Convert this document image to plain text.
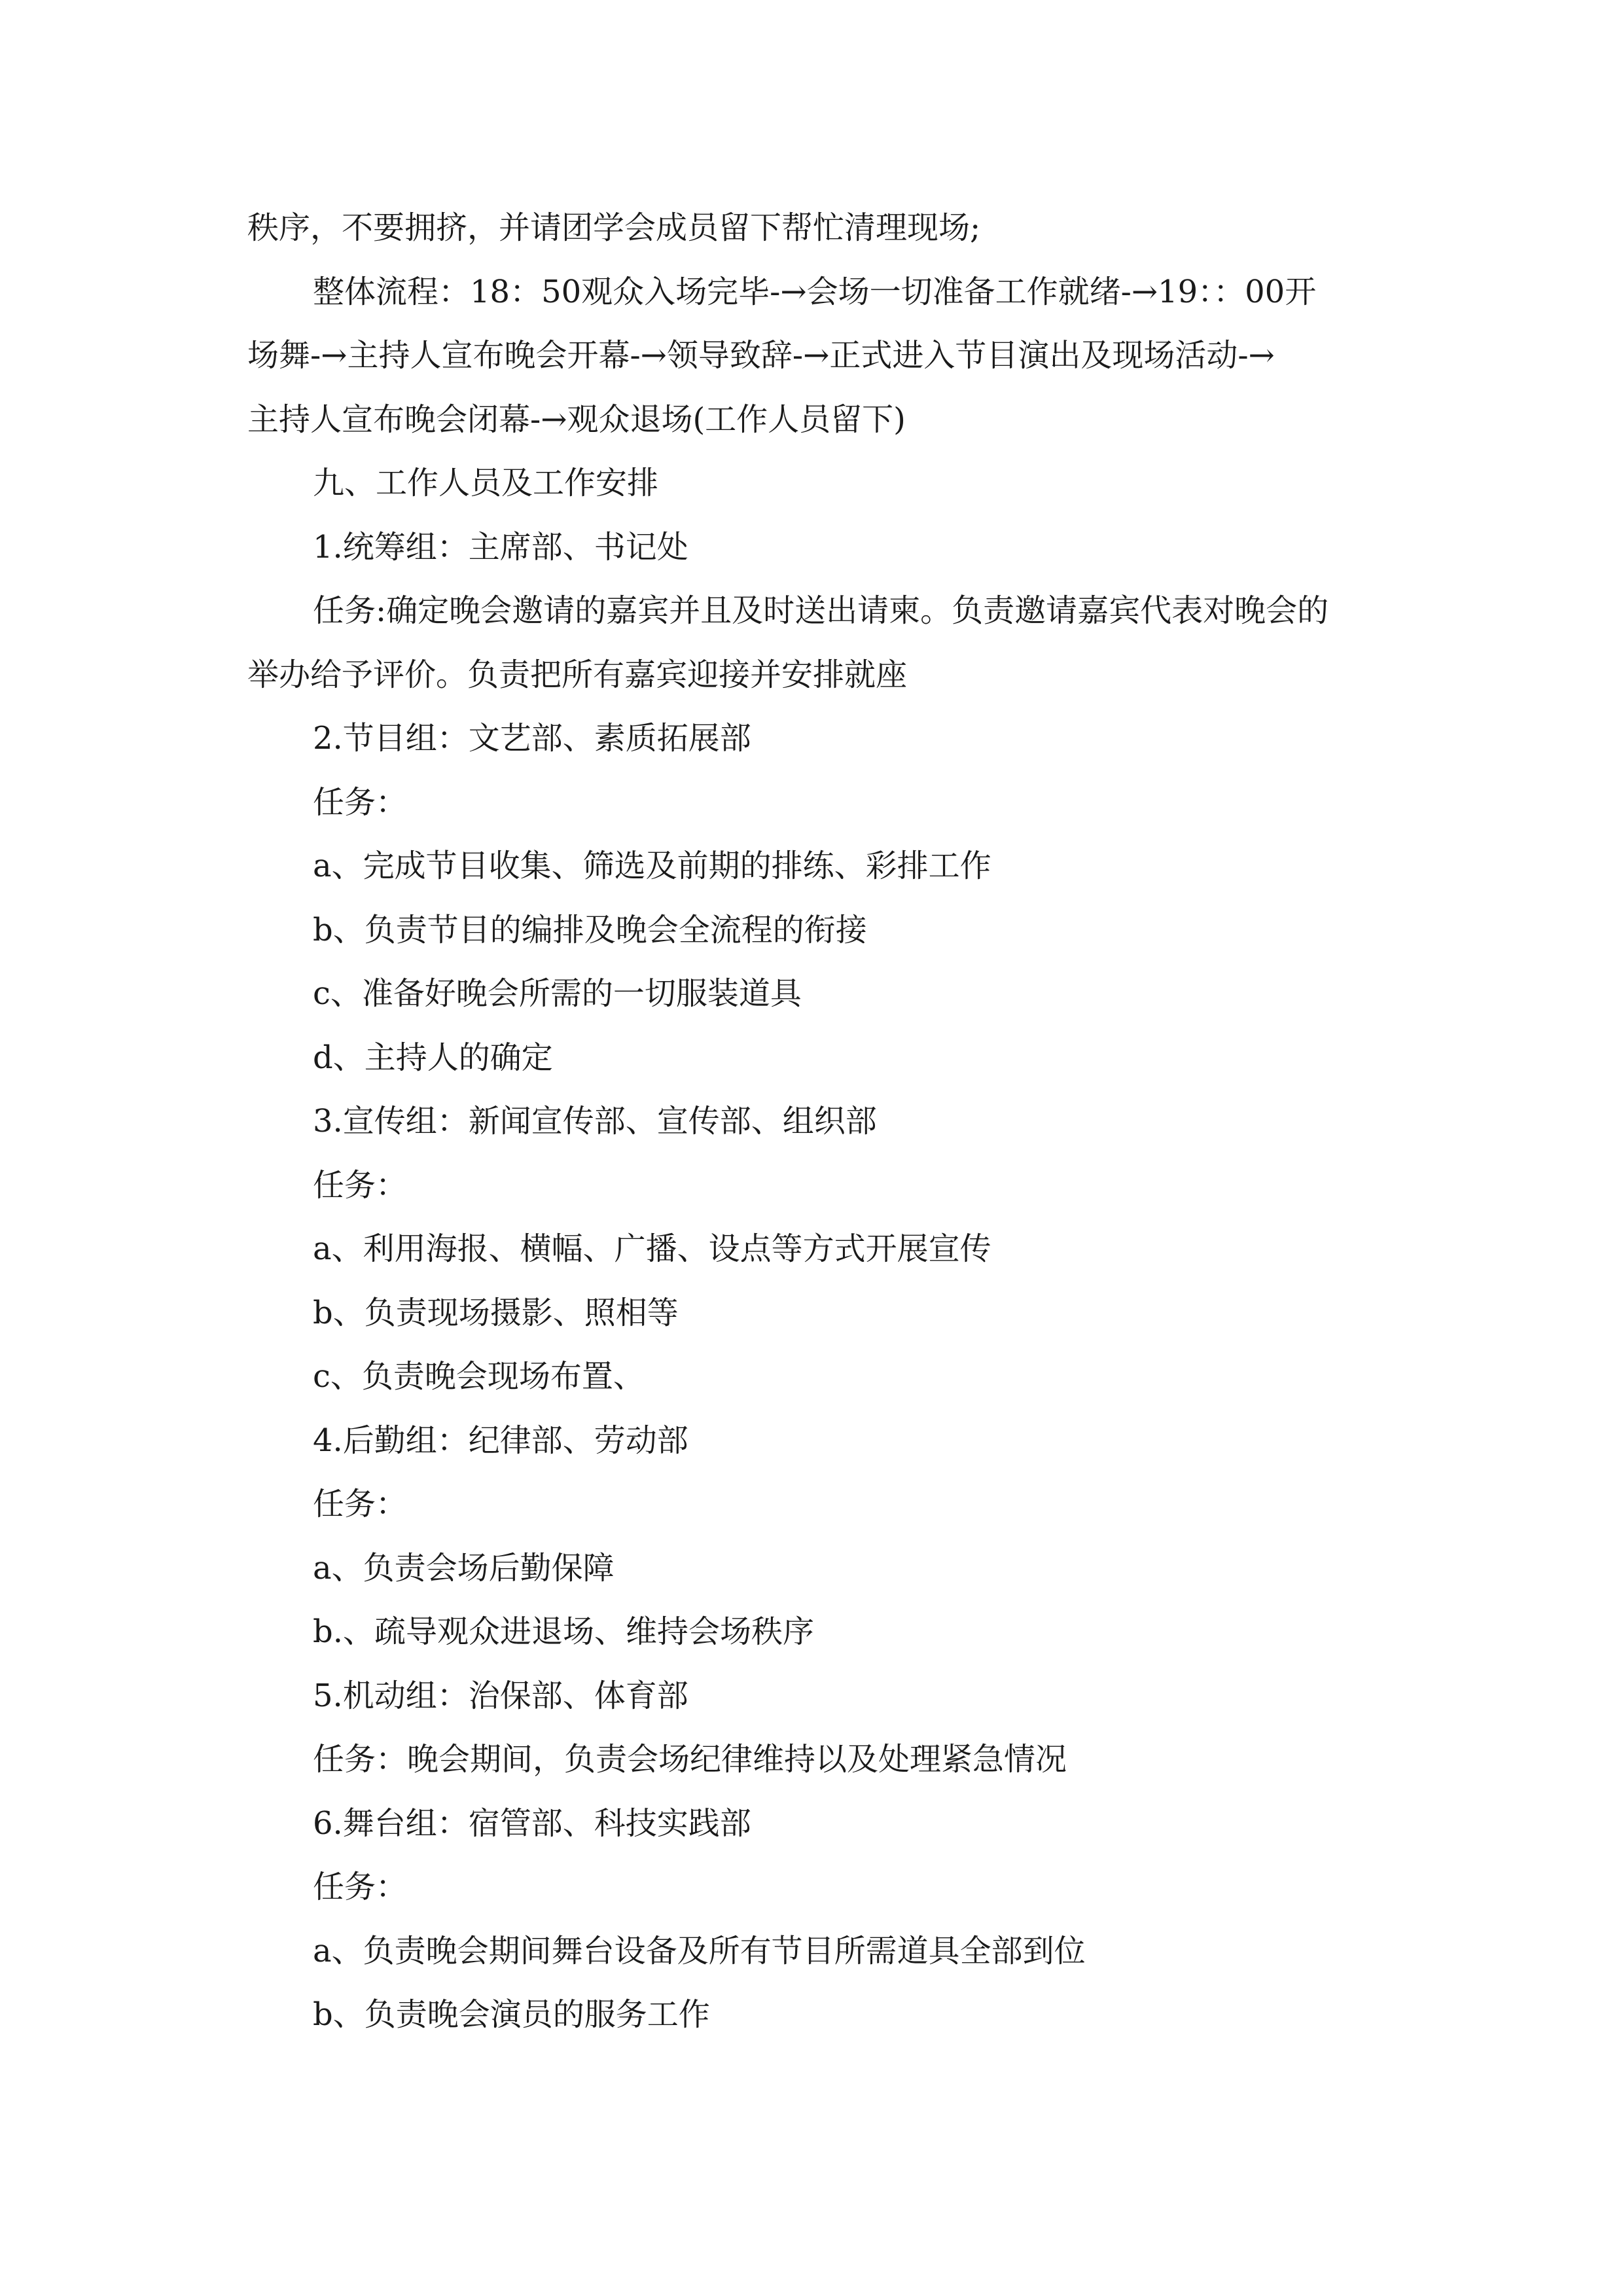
秩序，不要拥挤，并请团学会成员留下帮忙清理现场;
整体流程：18：50观众入场完毕-→会场一切准备工作就绪-→19：：00开
场舞-→主持人宣布晚会开幕-→领导致辞-→正式进入节目演出及现场活动-→
主持人宣布晚会闭幕-→观众退场(工作人员留下)
九、工作人员及工作安排
1.统筹组：主席部、书记处
任务:确定晚会邀请的嘉宾并且及时送出请柬。负责邀请嘉宾代表对晚会的
举办给予评价。负责把所有嘉宾迎接并安排就座
2.节目组：文艺部、素质拓展部
任务：
a、完成节目收集、筛选及前期的排练、彩排工作
b、负责节目的编排及晚会全流程的衔接
c、准备好晚会所需的一切服装道具
d、主持人的确定
3.宣传组：新闻宣传部、宣传部、组织部
任务：
a、利用海报、横幅、广播、设点等方式开展宣传
b、负责现场摄影、照相等
c、负责晚会现场布置、
4.后勤组：纪律部、劳动部
任务：
a、负责会场后勤保障
b.、疏导观众进退场、维持会场秩序
5.机动组：治保部、体育部
任务：晚会期间，负责会场纪律维持以及处理紧急情况
6.舞台组：宿管部、科技实践部
任务：
a、负责晚会期间舞台设备及所有节目所需道具全部到位
b、负责晚会演员的服务工作
